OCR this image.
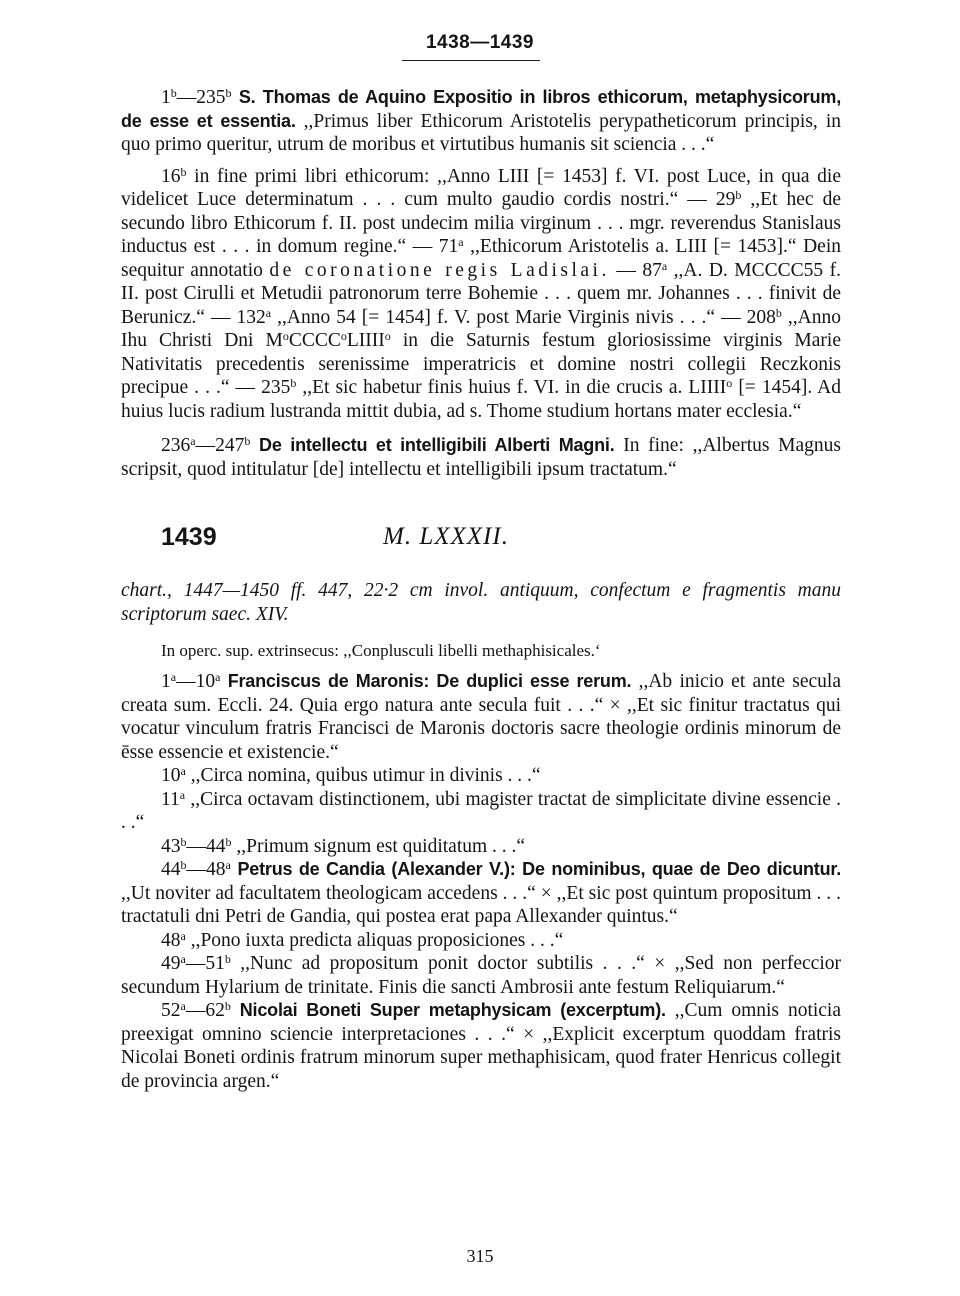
1438—1439

1$^b$—235$^b$ S. Thomas de Aquino Expositio in libros ethicorum, metaphysicorum, de esse et essentia. ,,Primus liber Ethicorum Aristotelis perypatheticorum principis, in quo primo queritur, utrum de moribus et virtutibus humanis sit sciencia . . .“

16$^b$ in fine primi libri ethicorum: ,,Anno LIII [= 1453] f. VI. post Luce, in qua die videlicet Luce determinatum . . . cum multo gaudio cordis nostri.“ — 29$^b$ ,,Et hec de secundo libro Ethicorum f. II. post undecim milia virginum . . . mgr. reverendus Stanislaus inductus est . . . in domum regine.“ — 71$^a$ ,,Ethicorum Aristotelis a. LIII [= 1453].“ Dein sequitur annotatio de coronatione regis Ladislai. — 87$^a$ ,,A. D. MCCCC55 f. II. post Cirulli et Metudii patronorum terre Bohemie . . . quem mr. Johannes . . . finivit de Berunicz.“ — 132$^a$ ,,Anno 54 [= 1454] f. V. post Marie Virginis nivis . . .“ — 208$^b$ ,,Anno Ihu Christi Dni $M^oCCCC^oLIIII^o$ in die Saturnis festum gloriosissime virginis Marie Nativitatis precedentis serenissime imperatricis et domine nostri collegii Reczkonis precipue . . .“ — 235$^b$ ,,Et sic habetur finis huius f. VI. in die crucis a. LIIII$^o$ [= 1454]. Ad huius lucis radium lustranda mittit dubia, ad s. Thome studium hortans mater ecclesia.“

236$^a$—247$^b$ De intellectu et intelligibili Alberti Magni. In fine: ,,Albertus Magnus scripsit, quod intitulatur [de] intellectu et intelligibili ipsum tractatum.“

1439	M. LXXXII.

chart., 1447—1450 ff. 447, 22·2 cm invol. antiquum, confectum e fragmentis manu scriptorum saec. XIV.

In operc. sup. extrinsecus: ,,Conplusculi libelli methaphisicales.‘

1$^a$—10$^a$ Franciscus de Maronis: De duplici esse rerum. ,,Ab inicio et ante secula creata sum. Eccli. 24. Quia ergo natura ante secula fuit . . .“ × ,,Et sic finitur tractatus qui vocatur vinculum fratris Francisci de Maronis doctoris sacre theologie ordinis minorum de ēsse essencie et existencie.“

10$^a$ ,,Circa nomina, quibus utimur in divinis . . .“

11$^a$ ,,Circa octavam distinctionem, ubi magister tractat de simplicitate divine essencie . . .“

43$^b$—44$^b$ ,,Primum signum est quiditatum . . .“

44$^b$—48$^a$ Petrus de Candia (Alexander V.): De nominibus, quae de Deo dicuntur. ,,Ut noviter ad facultatem theologicam accedens . . .“ × ,,Et sic post quintum propositum . . . tractatuli dni Petri de Gandia, qui postea erat papa Allexander quintus.“

48$^a$ ,,Pono iuxta predicta aliquas proposiciones . . .“

49$^a$—51$^b$ ,,Nunc ad propositum ponit doctor subtilis . . .“ × ,,Sed non perfeccior secundum Hylarium de trinitate. Finis die sancti Ambrosii ante festum Reliquiarum.“

52$^a$—62$^b$ Nicolai Boneti Super metaphysicam (excerptum). ,,Cum omnis noticia preexigat omnino sciencie interpretaciones . . .“ × ,,Explicit excerptum quoddam fratris Nicolai Boneti ordinis fratrum minorum super methaphisicam, quod frater Henricus collegit de provincia argen.“

315
